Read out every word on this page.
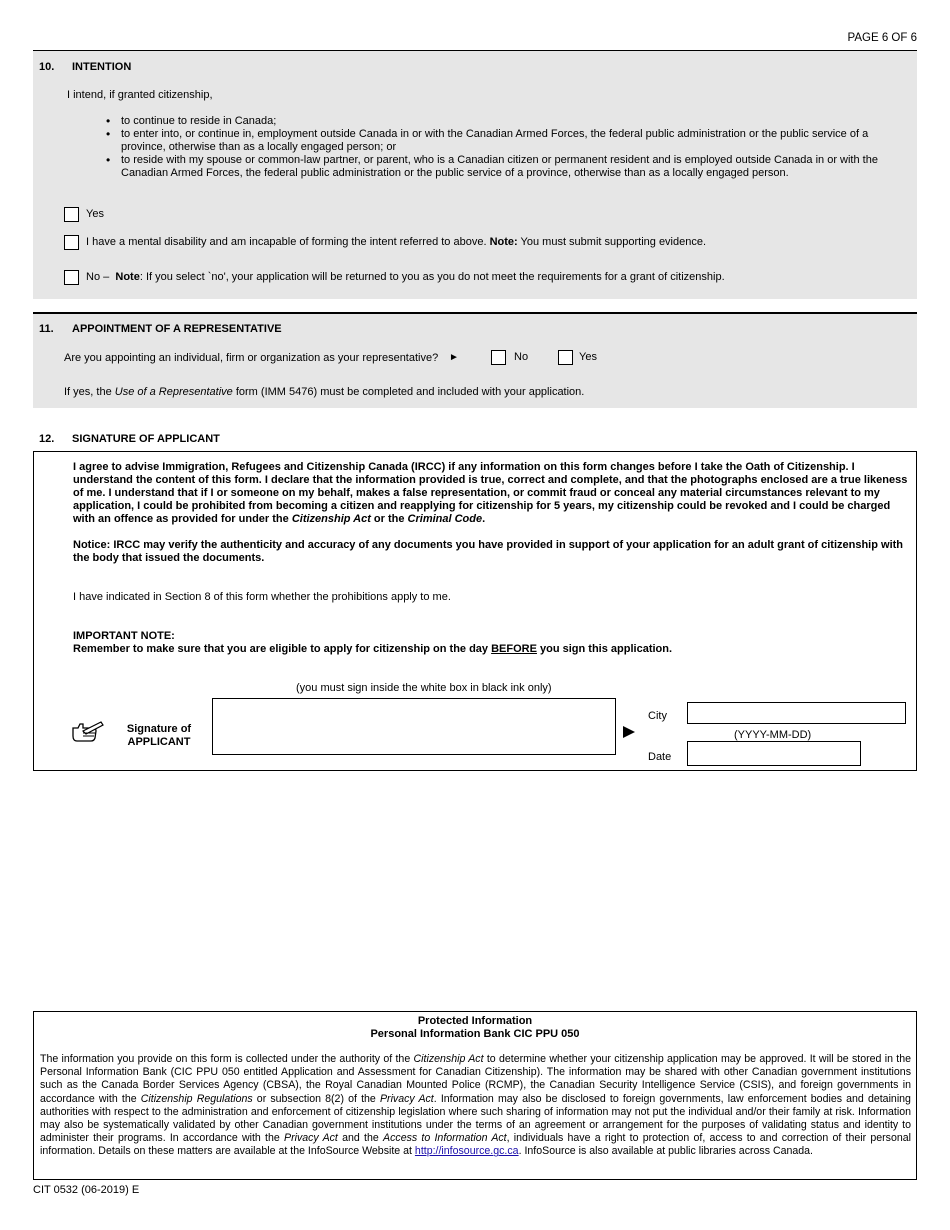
PAGE 6 OF 6
10. INTENTION
I intend, if granted citizenship,
• to continue to reside in Canada;
• to enter into, or continue in, employment outside Canada in or with the Canadian Armed Forces, the federal public administration or the public service of a province, otherwise than as a locally engaged person; or
• to reside with my spouse or common-law partner, or parent, who is a Canadian citizen or permanent resident and is employed outside Canada in or with the Canadian Armed Forces, the federal public administration or the public service of a province, otherwise than as a locally engaged person.
Yes
I have a mental disability and am incapable of forming the intent referred to above. Note: You must submit supporting evidence.
No – Note: If you select `no', your application will be returned to you as you do not meet the requirements for a grant of citizenship.
11. APPOINTMENT OF A REPRESENTATIVE
Are you appointing an individual, firm or organization as your representative? ►	No	Yes
If yes, the Use of a Representative form (IMM 5476) must be completed and included with your application.
12. SIGNATURE OF APPLICANT
I agree to advise Immigration, Refugees and Citizenship Canada (IRCC) if any information on this form changes before I take the Oath of Citizenship. I understand the content of this form. I declare that the information provided is true, correct and complete, and that the photographs enclosed are a true likeness of me. I understand that if I or someone on my behalf, makes a false representation, or commit fraud or conceal any material circumstances relevant to my application, I could be prohibited from becoming a citizen and reapplying for citizenship for 5 years, my citizenship could be revoked and I could be charged with an offence as provided for under the Citizenship Act or the Criminal Code.
Notice: IRCC may verify the authenticity and accuracy of any documents you have provided in support of your application for an adult grant of citizenship with the body that issued the documents.
I have indicated in Section 8 of this form whether the prohibitions apply to me.
IMPORTANT NOTE:
Remember to make sure that you are eligible to apply for citizenship on the day BEFORE you sign this application.
(you must sign inside the white box in black ink only)
Signature of
APPLICANT
City
(YYYY-MM-DD)
Date
Protected Information
Personal Information Bank CIC PPU 050
The information you provide on this form is collected under the authority of the Citizenship Act to determine whether your citizenship application may be approved. It will be stored in the Personal Information Bank (CIC PPU 050 entitled Application and Assessment for Canadian Citizenship). The information may be shared with other Canadian government institutions such as the Canada Border Services Agency (CBSA), the Royal Canadian Mounted Police (RCMP), the Canadian Security Intelligence Service (CSIS), and foreign governments in accordance with the Citizenship Regulations or subsection 8(2) of the Privacy Act. Information may also be disclosed to foreign governments, law enforcement bodies and detaining authorities with respect to the administration and enforcement of citizenship legislation where such sharing of information may not put the individual and/or their family at risk. Information may also be systematically validated by other Canadian government institutions under the terms of an agreement or arrangement for the purposes of validating status and identity to administer their programs. In accordance with the Privacy Act and the Access to Information Act, individuals have a right to protection of, access to and correction of their personal information. Details on these matters are available at the InfoSource Website at http://infosource.gc.ca. InfoSource is also available at public libraries across Canada.
CIT 0532 (06-2019) E
